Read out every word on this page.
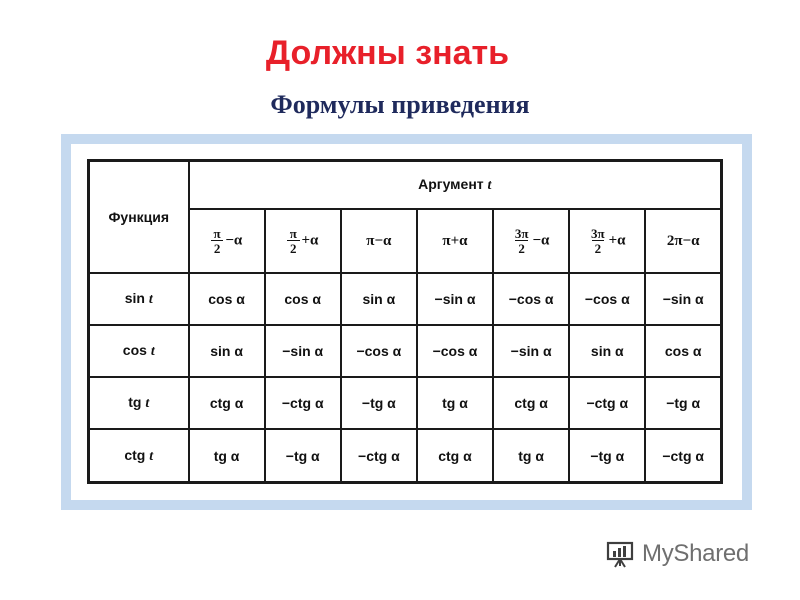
Должны знать
Формулы приведения
Функция	Аргумент t						

	$\frac{\pi}{2} -\alpha$	$\frac{\pi}{2} +\alpha$	π−α	π+α	$\frac{3\pi}{2} -\alpha$	$\frac{3\pi}{2} +\alpha$	2π−α
sin t	cos α	cos α	sin α	−sin α	−cos α	−cos α	−sin α
cos t	sin α	−sin α	−cos α	−cos α	−sin α	sin α	cos α
tg t	ctg α	−ctg α	−tg α	tg α	ctg α	−ctg α	−tg α
ctg t	tg α	−tg α	−ctg α	ctg α	tg α	−tg α	−ctg α
MyShared
